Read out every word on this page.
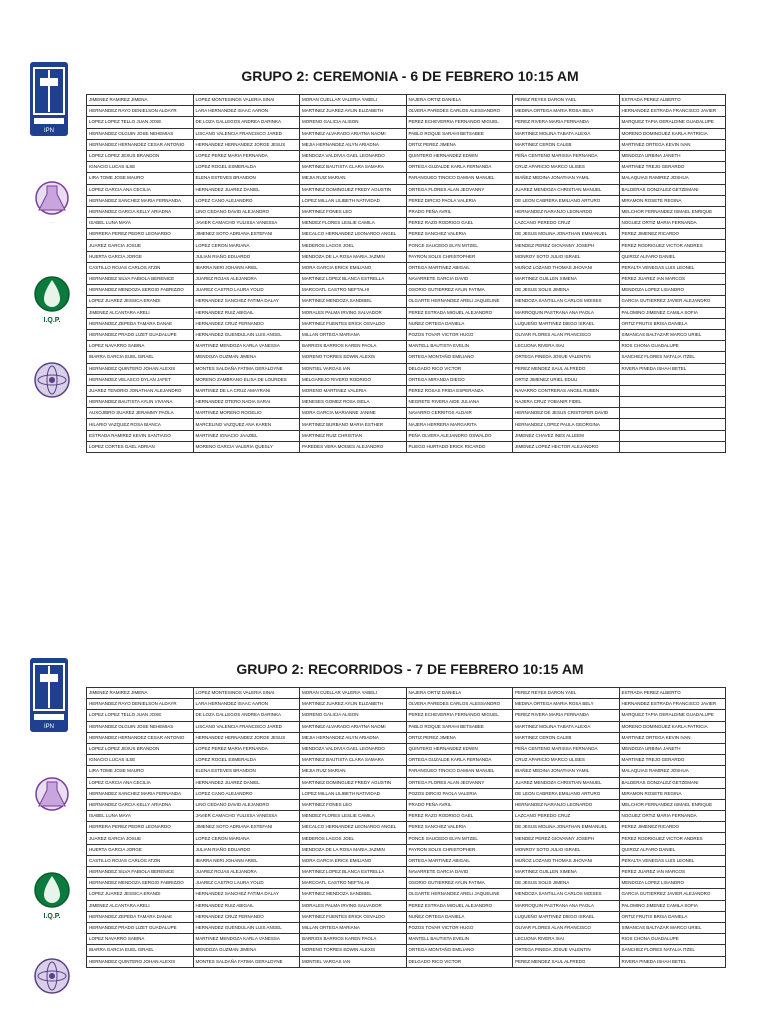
GRUPO 2: CEREMONIA - 6 DE FEBRERO 10:15 AM
IPN
·····
I.Q.P.
JIMENEZ RAMIREZ JIMENA	LOPEZ MONTESINOS VALERIA SINAI	MORAN CUELLAR VALERIA YABELI	NAJERA ORTIZ DANIELA	PEREZ REYES DARON YAEL	ESTRADA PEREZ ALBERTO
HERNANDEZ RAYO DENIELSON ALDAYR	LARA HERNANDEZ ISAAC AARON	MARTINEZ JUAREZ AYLIN ELIZABETH	OLVERA PAREDES CARLOS ALESSANDRO	MEDINA ORTEGA MARIA ROSA BELY	HERNANDEZ ESTRADA FRANCISCO JAVIER
LOPEZ LOPEZ TELLO JUAN JOSE	DE LOZA GALLEGOS ANDREA DARINKA	MORENO GALICIA ALISON	PEREZ ECHEVERRIA FERNANDO MIGUEL	PEREZ RIVERA MARIA FERNANDA	MARQUEZ TAPIA GERALDINE GUADALUPE
HERNANDEZ OLGUIN JOSE NEHEMIAS	LISCANO VALENCIA FRANCISCO JARED	MARTINEZ ALVARADO ARIATNA NAOMI	PABLO ROQUE SARAHI BETSABEE	MARTINEZ MOLINA TABATA ALEXIA	MORENO DOMINGUEZ KARLA PATRICIA
HERNANDEZ HERNANDEZ CESAR ANTONIO	HERNANDEZ HERNANDEZ JORGE JESUS	MEJIA HERNANDEZ AILYN ARIADNA	ORTIZ PEREZ JIMENA	MARTINEZ CERON CALEB	MARTINEZ ORTEGA KEVIN IVAN
LOPEZ LOPEZ JESUS BRANDON	LOPEZ PEREZ MARIA FERNANDA	MENDOZA VALDIVIA GAEL LEONARDO	QUINTERO HERNANDEZ EDWIN	PEÑA CENTENO MARISSA FERNANDA	MENDOZA URBINA JANETH
IGNACIO LUCAS ILSE	LOPEZ ROGEL ESMERALDA	MARTINEZ BAUTISTA CLARA SAMARA	ORTEGA GUZALDE KARLA FERNANDA	CRUZ APARICIO MARCO ULISES	MARTINEZ TREJO GERARDO
LIRA TOME JOSE MAURO	ELENA ESTEVES BRANDON	MEJIA RUIZ MARIAN	PARANGUEO TINOCO DAMIAN MANUEL	IBAÑEZ MEDINA JONATHAN YAMIL	MALAQUIAS RAMIREZ JOSHUA
LOPEZ GARCIA ANA CECILIA	HERNANDEZ JUAREZ DANIEL	MARTINEZ DOMINGUEZ FREDY AGUSTIN	ORTEGA FLORES ALAN JEOVANNY	JUAREZ MENDOZA CHRISTIAN MANUEL	BALDERAS GONZALEZ GETZEMANI
HERNANDEZ SANCHEZ MARIA FERNANDA	LOPEZ CANO ALEJANDRO	LOPEZ MILLAN LILIBETH NATIVIDAD	PEREZ DIRCIO PAOLA VALERIA	DE LEON CABRERA EMILIANO ARTURO	MIRAMON ROSETE REGINA
HERNANDEZ GARCIA KELLY ARIADNA	LINO CEDANO DAVID ALEJANDRO	MARTINEZ FONES LEO	PRADO PEÑA AVRIL	HERNANDEZ NARANJO LEONARDO	MELCHOR FERNANDEZ ISMAEL ENRIQUE
ISABEL LUNA MAYA	JAVIER CAMACHO YULISSA VANESSA	MENDEZ FLORES LESLIE CAMILA	PEREZ RAZO RODRIGO GAEL	LAZCANO PEREDO CRUZ	NOGUEZ ORTIZ MARIA FERNANDA
HERRERA PEREZ PEDRO LEONARDO	JIMENEZ SOTO ADRIANA ESTEFANI	MECALCO HERNANDEZ LEONARDO ANGEL	PEREZ SANCHEZ VALERIA	DE JESUS MOLINA JONATHAN EMMANUEL	PEREZ JIMENEZ RICARDO
JUAREZ GARCIA JOSUE	LOPEZ CERON MARIANA	MEDEROS LAGOS JOEL	PONCE SAUCEDO ELYN MITZEL	MENDEZ PEREZ GIOVANNY JOSEPH	PEREZ RODRIGUEZ VICTOR ANDRES
HUERTA GARCIA JORGE	JULIAN RIAÑO EDUARDO	MENDOZA DE LA ROSA MARIA JAZMIN	PAYRON SOLIS CHRISTOPHER	MONROY SOTO JULIO ISRAEL	QUIROZ ALFARO DANIEL
CASTILLO ROJAS CARLOS ATZIN	IBARRA NERI JOHANN ARIEL	MORA GARCIA ERICK EMILIANO	ORTEGA MARTINEZ ABIGAIL	MUÑOZ LOZANO THOMAS JHOVANI	PERALTA VENEGAS LUIS LEONEL
HERNANDEZ SILVA FABIOLA BERENICE	JUAREZ ROJAS ALEJANDRA	MARTINEZ LOPEZ BLANCA ESTRELLA	NAVARRETE GARCIA DAVID	MARTINEZ GUILLEN XIMENA	PEREZ JUAREZ IAN MARCOS
HERNANDEZ MENDOZA SERGIO FABRIZZIO	JUAREZ CASTRO LAURA YOLID	MARCOATL CASTRO NEFTALHI	OSORIO GUTIERREZ AYLIN FATIMA	DE JESUS SOLIS JIMENA	MENDOZA LOPEZ LISANDRO
LOPEZ JUAREZ JESSICA ERANDI	HERNANDEZ SANCHEZ FATIMA DALAY	MARTINEZ MENDOZA SANDIBEL	OLGARTE HERNANDEZ ARELI JAQUELINE	MENDOZA SANTILLAN CARLOS MOISES	GARCIA GUTIERREZ JAVIER ALEJANDRO
JIMENEZ ALCANTARA ARELI	HERNANDEZ RUIZ ABIGAIL	MORALES PALMA IRVING SALVADOR	PEREZ ESTRADA MIGUEL ALEJANDRO	MARROQUIN PASTRANA ANA PAOLA	PALOMINO JIMENEZ CAMILA SOFIA
HERNANDEZ ZEPEDA TAMARA DANAE	HERNANDEZ CRUZ FERNANDO	MARTINEZ FUENTES ERICK OSVALDO	NUÑEZ ORTEGA DANIELA	LUQUEÑO MARTINEZ DIEGO ISRAEL	ORTIZ FRUTIS BRISA DANIELA
HERNANDEZ PRADO LIZET GUADALUPE	HERNANDEZ GUENDULAIN LUIS ANGEL	MILLAN ORTEGA MARIANA	POZOS TOVAR VICTOR HUGO	OLIVAR FLORES ALAN FRANCISCO	SIMANCAS BALTAZAR MARCO URIEL
LOPEZ NAVARRO SABINA	MARTINEZ MENDOZA KARLA VANESSA	BARRIOS BARRIOS KAREN PAOLA	MANTELL BAUTISTA EVELIN	LECUONA RIVERA ISAI	RIOS CHONA GUADALUPE
IBARRA GARCIA EUEL ISRAEL	MENDOZA GUZMAN JIMENA	MORENO TORRES EDWIN ALEXIS	ORTEGA MONTAÑO EMILIANO	ORTEGA PINEDA JOSUE VALENTIN	SANCHEZ FLORES NATALIA ITZEL
HERNANDEZ QUINTERO JOHAN ALEXIS	MONTES SALDAÑA FATIMA GERALDYNE	MONTIEL VARGAS IAN	DELGADO RICO VICTOR	PEREZ MENDEZ SAUL ALFREDO	RIVERA PINEDA ISHAH BETEL
HERNANDEZ VELASCO DYLAN JAFET	MORENO ZAMBRANO ELISA DE LOURDES	MELGAREJO RIVERO RODRIGO	ORTEGA MIRANDA DIEGO	ORTIZ JIMENEZ URIEL EDUU	
JUAREZ TENORIO JONATHAN ALEJANDRO	MARTINEZ DE LA CRUZ AMAYRANI	MORENO MARTINEZ VALERIA	PEREZ ROSAS FRIDA ESPERANZA	NAVARRO CONTRERAS ANGEL RUBEN	
HERNANDEZ BAUTISTA AYLIN VIVIANA	HERNANDEZ OTERO NADIA SARAI	MENESES GOMEZ ROSA ISELA	NEGRETE RIVERA AIDE JULIANA	NAJERA CRUZ YOBANIR FIDEL	
AUXOJIBRO SUAREZ JERAMMY PAOLA	MARTINEZ MORENO ROGELIO	MORA GARCIA MARIANNE JANINE	NAVARRO CERRITOS ALDAIR	HERNANDEZ DE JESUS CRISTOFER DAVID	
HILARIO VAZQUEZ ROSA BIANCA	MARCELINO VAZQUEZ ANA KAREN	MARTINEZ BURBANO MARIA ESTHER	NAJERA HERRERA MARGARITA	HERNANDEZ LOPEZ PAULA GEORGINA	
ESTRADA RAMIREZ KEVIN SANTIAGO	MARTINEZ IGNACIO JAAZIEL	MARTINEZ RUIZ CHRISTIAN	PEÑA OLVERA ALEJANDRO OSWALDO	JIMENEZ CHAVEZ INES ALLEEM	
LOPEZ CORTES GAEL ADRIAN	MORENO GARCIA VALERIA QUESLY	PAREDES VERA MOISES ALEJANDRO	PLIEGO HURTADO ERICK RICARDO	JIMENEZ LOPEZ HECTOR ALEJANDRO	
GRUPO 2: RECORRIDOS - 7 DE FEBRERO 10:15 AM
IPN
I.Q.P.
JIMENEZ RAMIREZ JIMENA	LOPEZ MONTESINOS VALERIA SINAI	MORAN CUELLAR VALERIA YABELI	NAJERA ORTIZ DANIELA	PEREZ REYES DARON YAEL	ESTRADA PEREZ ALBERTO
HERNANDEZ RAYO DENIELSON ALDAYR	LARA HERNANDEZ ISAAC AARON	MARTINEZ JUAREZ AYLIN ELIZABETH	OLVERA PAREDES CARLOS ALESSANDRO	MEDINA ORTEGA MARIA ROSA BELY	HERNANDEZ ESTRADA FRANCISCO JAVIER
LOPEZ LOPEZ TELLO JUAN JOSE	DE LOZA GALLEGOS ANDREA DARINKA	MORENO GALICIA ALISON	PEREZ ECHEVERRIA FERNANDO MIGUEL	PEREZ RIVERA MARIA FERNANDA	MARQUEZ TAPIA GERALDINE GUADALUPE
HERNANDEZ OLGUIN JOSE NEHEMIAS	LISCANO VALENCIA FRANCISCO JARED	MARTINEZ ALVARADO ARIATNA NAOMI	PABLO ROQUE SARAHI BETSABEE	MARTINEZ MOLINA TABATA ALEXIA	MORENO DOMINGUEZ KARLA PATRICIA
HERNANDEZ HERNANDEZ CESAR ANTONIO	HERNANDEZ HERNANDEZ JORGE JESUS	MEJIA HERNANDEZ AILYN ARIADNA	ORTIZ PEREZ JIMENA	MARTINEZ CERON CALEB	MARTINEZ ORTEGA KEVIN IVAN
LOPEZ LOPEZ JESUS BRANDON	LOPEZ PEREZ MARIA FERNANDA	MENDOZA VALDIVIA GAEL LEONARDO	QUINTERO HERNANDEZ EDWIN	PEÑA CENTENO MARISSA FERNANDA	MENDOZA URBINA JANETH
IGNACIO LUCAS ILSE	LOPEZ ROGEL ESMERALDA	MARTINEZ BAUTISTA CLARA SAMARA	ORTEGA GUZALDE KARLA FERNANDA	CRUZ APARICIO MARCO ULISES	MARTINEZ TREJO GERARDO
LIRA TOME JOSE MAURO	ELENA ESTEVES BRANDON	MEJIA RUIZ MARIAN	PARANGUEO TINOCO DAMIAN MANUEL	IBAÑEZ MEDINA JONATHAN YAMIL	MALAQUIAS RAMIREZ JOSHUA
LOPEZ GARCIA ANA CECILIA	HERNANDEZ JUAREZ DANIEL	MARTINEZ DOMINGUEZ FREDY AGUSTIN	ORTEGA FLORES ALAN JEOVANNY	JUAREZ MENDOZA CHRISTIAN MANUEL	BALDERAS GONZALEZ GETZEMANI
HERNANDEZ SANCHEZ MARIA FERNANDA	LOPEZ CANO ALEJANDRO	LOPEZ MILLAN LILIBETH NATIVIDAD	POZOS DIRCIO PAOLA VALERIA	DE LEON CABRERA EMILIANO ARTURO	MIRAMON ROSETE REGINA
HERNANDEZ GARCIA KELLY ARIADNA	LINO CEDANO DAVID ALEJANDRO	MARTINEZ FONES LEO	PRADO PEÑA AVRIL	HERNANDEZ NARANJO LEONARDO	MELCHOR FERNANDEZ ISMAEL ENRIQUE
ISABEL LUNA MAYA	JAVIER CAMACHO YULISSA VANESSA	MENDEZ FLORES LESLIE CAMILA	PEREZ RAZO RODRIGO GAEL	LAZCANO PEREDO CRUZ	NOGUEZ ORTIZ MARIA FERNANDA
HERRERA PEREZ PEDRO LEONARDO	JIMENEZ SOTO ADRIANA ESTEFANI	MECALCO HERNANDEZ LEONARDO ANGEL	PEREZ SANCHEZ VALERIA	DE JESUS MOLINA JONATHAN EMMANUEL	PEREZ JIMENEZ RICARDO
JUAREZ GARCIA JOSUE	LOPEZ CERON MARIANA	MEDEROS LAGOS JOEL	PONCE SAUCEDO ELYN MITZEL	MENDEZ PEREZ GIOVANNY JOSEPH	PEREZ RODRIGUEZ VICTOR ANDRES
HUERTA GARCIA JORGE	JULIAN RIAÑO EDUARDO	MENDOZA DE LA ROSA MARIA JAZMIN	PAYRON SOLIS CHRISTOPHER	MONROY SOTO JULIO ISRAEL	QUIROZ ALFARO DANIEL
CASTILLO ROJAS CARLOS ATZIN	IBARRA NERI JOHANN ARIEL	MORA GARCIA ERICK EMILIANO	ORTEGA MARTINEZ ABIGAIL	MUÑOZ LOZANO THOMAS JHOVANI	PERALTA VENEGAS LUIS LEONEL
HERNANDEZ SILVA FABIOLA BERENICE	JUAREZ ROJAS ALEJANDRA	MARTINEZ LOPEZ BLANCA ESTRELLA	NAVARRETE GARCIA DAVID	MARTINEZ GUILLEN XIMENA	PEREZ JUAREZ IAN MARCOS
HERNANDEZ MENDOZA SERGIO FABRIZZIO	JUAREZ CASTRO LAURA YOLID	MARCOATL CASTRO NEFTALHI	OSORIO GUTIERREZ AYLIN FATIMA	DE JESUS SOLIS JIMENA	MENDOZA LOPEZ LISANDRO
LOPEZ JUAREZ JESSICA ERANDI	HERNANDEZ SANCHEZ FATIMA DALAY	MARTINEZ MENDOZA SANDIBEL	OLGARTE HERNANDEZ ARELI JAQUELINE	MENDOZA SANTILLAN CARLOS MOISES	GARCIA GUTIERREZ JAVIER ALEJANDRO
JIMENEZ ALCANTARA ARELI	HERNANDEZ RUIZ ABIGAIL	MORALES PALMA IRVING SALVADOR	PEREZ ESTRADA MIGUEL ALEJANDRO	MARROQUIN PASTRANA ANA PAOLA	PALOMINO JIMENEZ CAMILA SOFIA
HERNANDEZ ZEPEDA TAMARA DANAE	HERNANDEZ CRUZ FERNANDO	MARTINEZ FUENTES ERICK OSVALDO	NUÑEZ ORTEGA DANIELA	LUQUEÑO MARTINEZ DIEGO ISRAEL	ORTIZ FRUTIS BRISA DANIELA
HERNANDEZ PRADO LIZET GUADALUPE	HERNANDEZ GUENDULAIN LUIS ANGEL	MILLAN ORTEGA MARIANA	POZOS TOVAR VICTOR HUGO	OLIVAR FLORES ALAN FRANCISCO	SIMANCAS BALTAZAR MARCO URIEL
LOPEZ NAVARRO SABINA	MARTINEZ MENDOZA KARLA VANESSA	BARRIOS BARRIOS KAREN PAOLA	MANTELL BAUTISTA EVELIN	LECUONA RIVERA ISAI	RIOS CHONA GUADALUPE
IBARRA GARCIA EUEL ISRAEL	MENDOZA GUZMAN JIMENA	MORENO TORRES EDWIN ALEXIS	ORTEGA MONTAÑO EMILIANO	ORTEGA PINEDA JOSUE VALENTIN	SANCHEZ FLORES NATALIA ITZEL
HERNANDEZ QUINTERO JOHAN ALEXIS	MONTES SALDAÑA FATIMA GERALDYNE	MONTIEL VARGAS IAN	DELGADO RICO VICTOR	PEREZ MENDEZ SAUL ALFREDO	RIVERA PINEDA ISHAH BETEL
